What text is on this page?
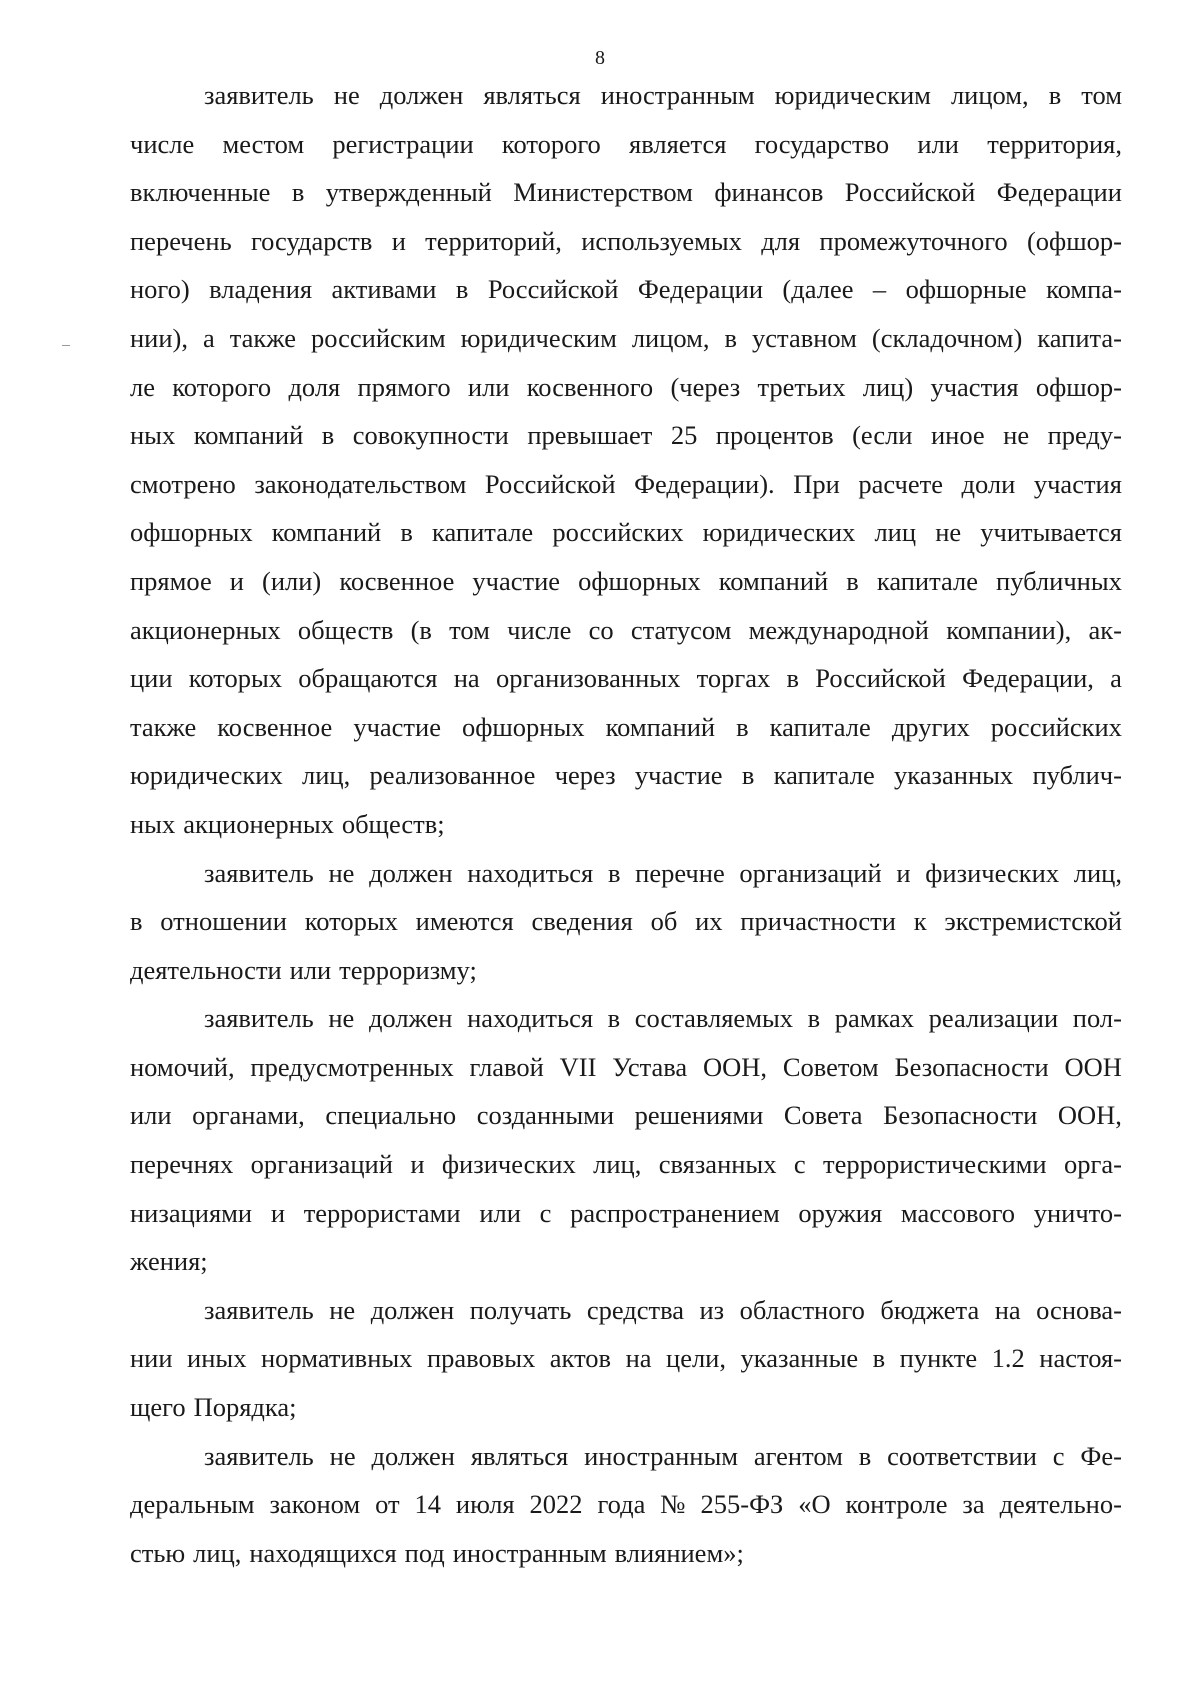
8
заявитель не должен являться иностранным юридическим лицом, в том
числе местом регистрации которого является государство или территория,
включенные в утвержденный Министерством финансов Российской Федерации
перечень государств и территорий, используемых для промежуточного (офшор-
ного) владения активами в Российской Федерации (далее – офшорные компа-
нии), а также российским юридическим лицом, в уставном (складочном) капита-
ле которого доля прямого или косвенного (через третьих лиц) участия офшор-
ных компаний в совокупности превышает 25 процентов (если иное не преду-
смотрено законодательством Российской Федерации). При расчете доли участия
офшорных компаний в капитале российских юридических лиц не учитывается
прямое и (или) косвенное участие офшорных компаний в капитале публичных
акционерных обществ (в том числе со статусом международной компании), ак-
ции которых обращаются на организованных торгах в Российской Федерации, а
также косвенное участие офшорных компаний в капитале других российских
юридических лиц, реализованное через участие в капитале указанных публич-
ных акционерных обществ;
заявитель не должен находиться в перечне организаций и физических лиц,
в отношении которых имеются сведения об их причастности к экстремистской
деятельности или терроризму;
заявитель не должен находиться в составляемых в рамках реализации пол-
номочий, предусмотренных главой VII Устава ООН, Советом Безопасности ООН
или органами, специально созданными решениями Совета Безопасности ООН,
перечнях организаций и физических лиц, связанных с террористическими орга-
низациями и террористами или с распространением оружия массового уничто-
жения;
заявитель не должен получать средства из областного бюджета на основа-
нии иных нормативных правовых актов на цели, указанные в пункте 1.2 настоя-
щего Порядка;
заявитель не должен являться иностранным агентом в соответствии с Фе-
деральным законом от 14 июля 2022 года № 255-ФЗ «О контроле за деятельно-
стью лиц, находящихся под иностранным влиянием»;
